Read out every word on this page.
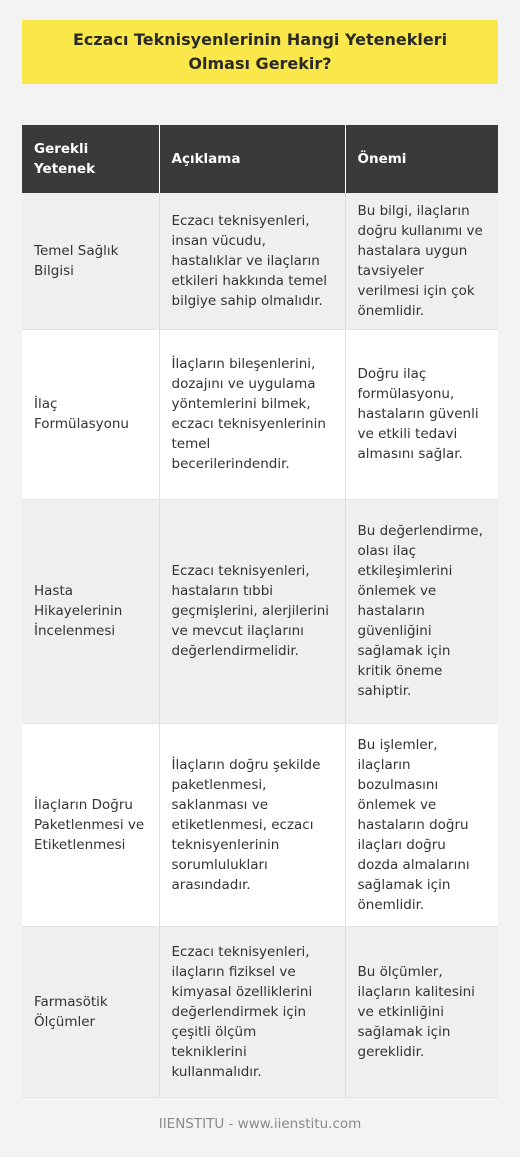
Eczacı Teknisyenlerinin Hangi Yetenekleri Olması Gerekir?
Gerekli Yetenek	Açıklama	Önemi
Temel Sağlık Bilgisi	Eczacı teknisyenleri, insan vücudu, hastalıklar ve ilaçların etkileri hakkında temel bilgiye sahip olmalıdır.	Bu bilgi, ilaçların doğru kullanımı ve hastalara uygun tavsiyeler verilmesi için çok önemlidir.
İlaç Formülasyonu	İlaçların bileşenlerini, dozajını ve uygulama yöntemlerini bilmek, eczacı teknisyenlerinin temel becerilerindendir.	Doğru ilaç formülasyonu, hastaların güvenli ve etkili tedavi almasını sağlar.
Hasta Hikayelerinin İncelenmesi	Eczacı teknisyenleri, hastaların tıbbi geçmişlerini, alerjilerini ve mevcut ilaçlarını değerlendirmelidir.	Bu değerlendirme, olası ilaç etkileşimlerini önlemek ve hastaların güvenliğini sağlamak için kritik öneme sahiptir.
İlaçların Doğru Paketlenmesi ve Etiketlenmesi	İlaçların doğru şekilde paketlenmesi, saklanması ve etiketlenmesi, eczacı teknisyenlerinin sorumlulukları arasındadır.	Bu işlemler, ilaçların bozulmasını önlemek ve hastaların doğru ilaçları doğru dozda almalarını sağlamak için önemlidir.
Farmasötik Ölçümler	Eczacı teknisyenleri, ilaçların fiziksel ve kimyasal özelliklerini değerlendirmek için çeşitli ölçüm tekniklerini kullanmalıdır.	Bu ölçümler, ilaçların kalitesini ve etkinliğini sağlamak için gereklidir.
IIENSTITU - www.iienstitu.com
